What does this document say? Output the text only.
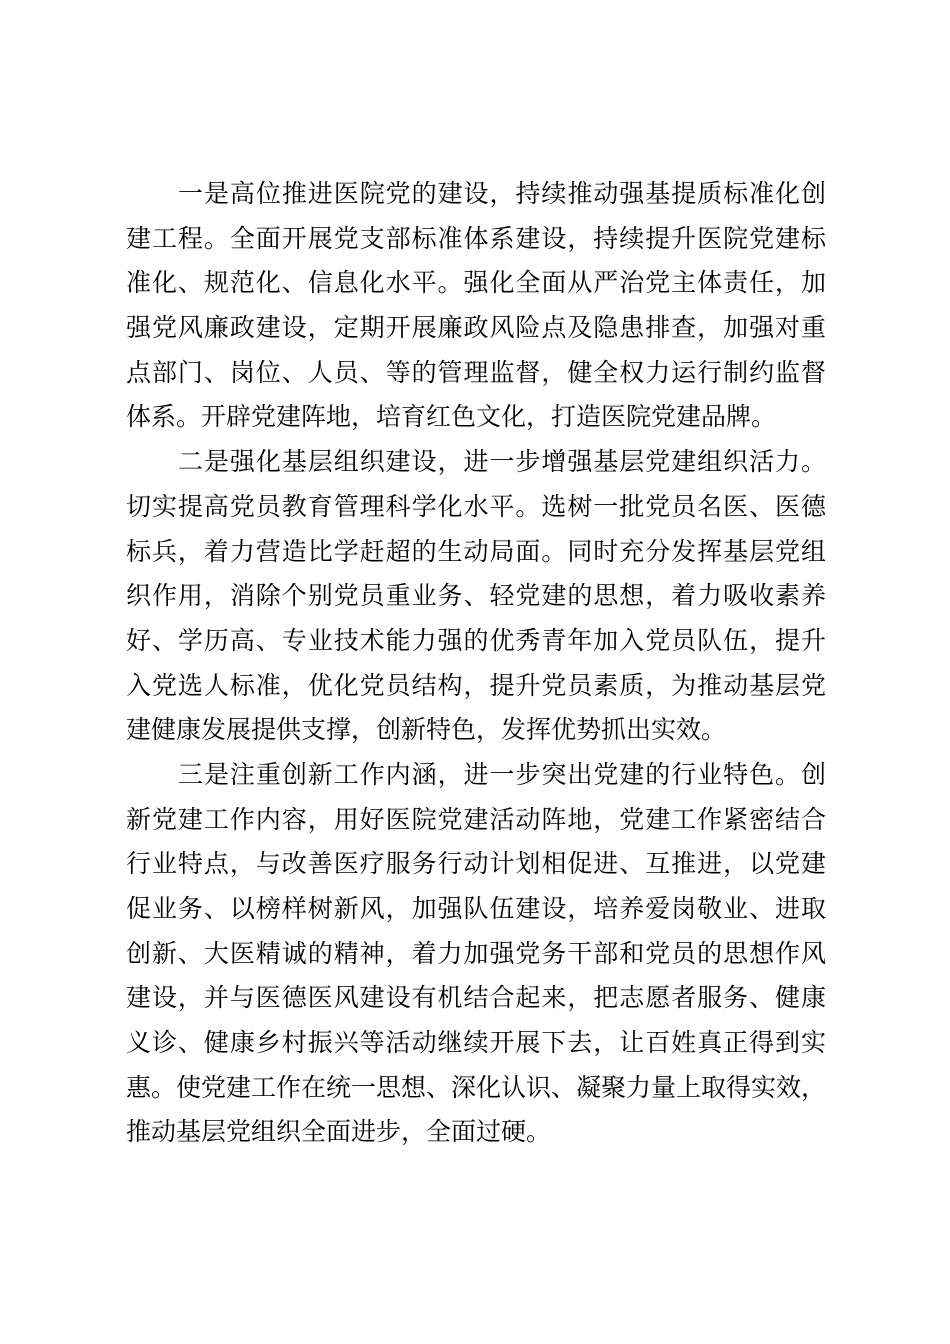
一是高位推进医院党的建设，持续推动强基提质标准化创
建工程。全面开展党支部标准体系建设，持续提升医院党建标
准化、规范化、信息化水平。强化全面从严治党主体责任，加
强党风廉政建设，定期开展廉政风险点及隐患排查，加强对重
点部门、岗位、人员、等的管理监督，健全权力运行制约监督
体系。开辟党建阵地，培育红色文化，打造医院党建品牌。
二是强化基层组织建设，进一步增强基层党建组织活力。
切实提高党员教育管理科学化水平。选树一批党员名医、医德
标兵，着力营造比学赶超的生动局面。同时充分发挥基层党组
织作用，消除个别党员重业务、轻党建的思想，着力吸收素养
好、学历高、专业技术能力强的优秀青年加入党员队伍，提升
入党选人标准，优化党员结构，提升党员素质，为推动基层党
建健康发展提供支撑，创新特色，发挥优势抓出实效。
三是注重创新工作内涵，进一步突出党建的行业特色。创
新党建工作内容，用好医院党建活动阵地，党建工作紧密结合
行业特点，与改善医疗服务行动计划相促进、互推进，以党建
促业务、以榜样树新风，加强队伍建设，培养爱岗敬业、进取
创新、大医精诚的精神，着力加强党务干部和党员的思想作风
建设，并与医德医风建设有机结合起来，把志愿者服务、健康
义诊、健康乡村振兴等活动继续开展下去，让百姓真正得到实
惠。使党建工作在统一思想、深化认识、凝聚力量上取得实效，
推动基层党组织全面进步，全面过硬。
